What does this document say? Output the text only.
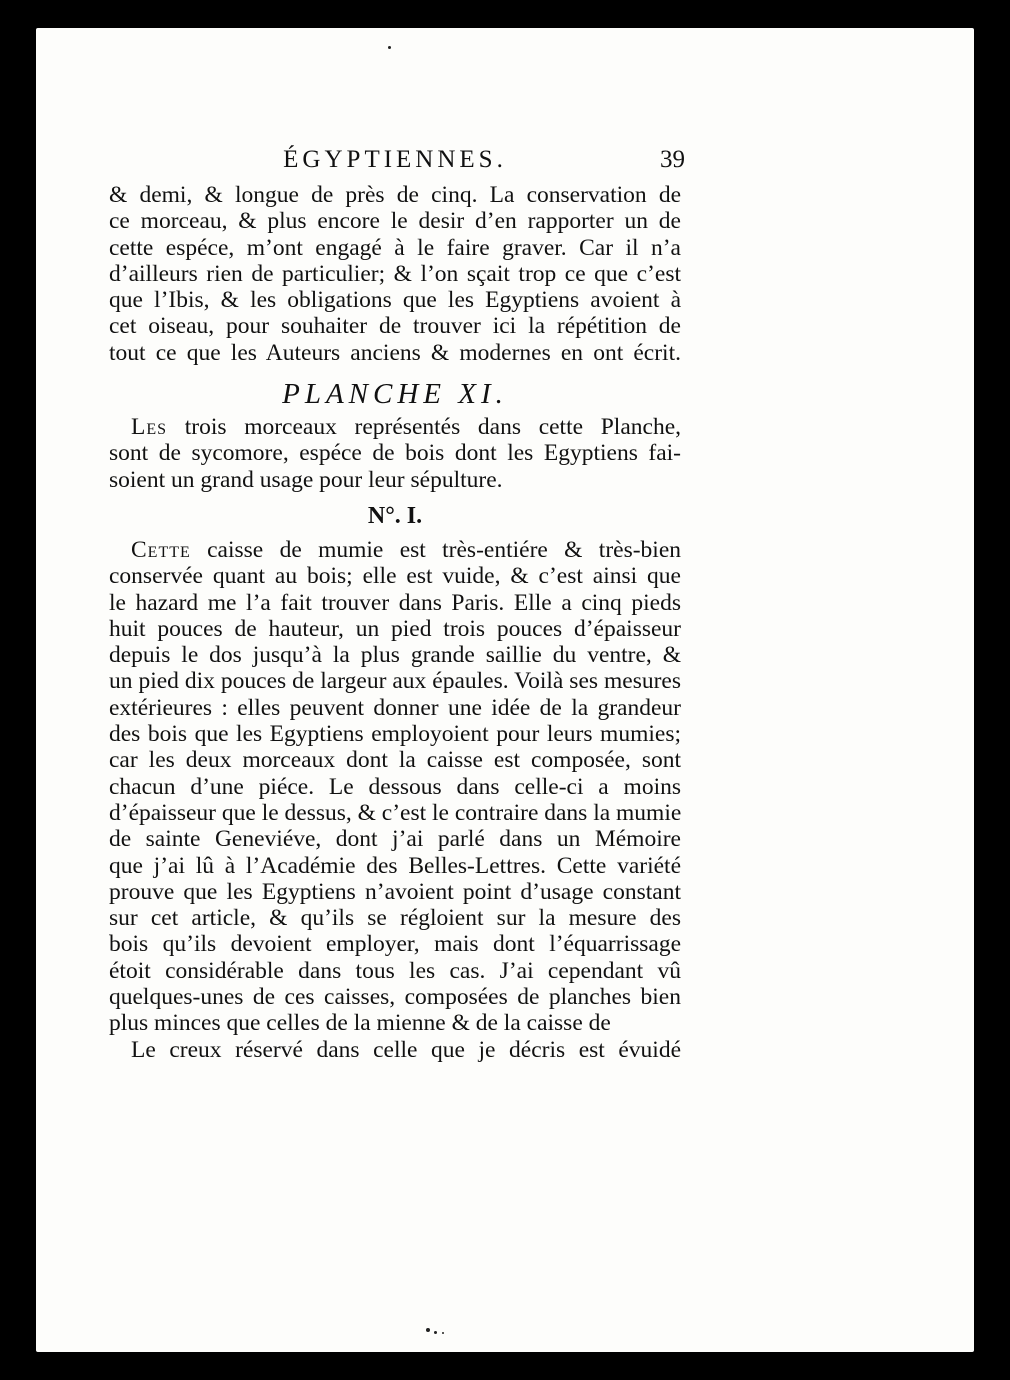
ÉGYPTIENNES.	39
& demi, & longue de près de cinq. La conservation de
ce morceau, & plus encore le desir d’en rapporter un de
cette espéce, m’ont engagé à le faire graver. Car il n’a
d’ailleurs rien de particulier; & l’on sçait trop ce que c’est
que l’Ibis, & les obligations que les Egyptiens avoient à
cet oiseau, pour souhaiter de trouver ici la répétition de
tout ce que les Auteurs anciens & modernes en ont écrit.
PLANCHE XI.
Les trois morceaux représentés dans cette Planche,
sont de sycomore, espéce de bois dont les Egyptiens fai-
soient un grand usage pour leur sépulture.
N°. I.
Cette caisse de mumie est très-entiére & très-bien
conservée quant au bois; elle est vuide, & c’est ainsi que
le hazard me l’a fait trouver dans Paris. Elle a cinq pieds
huit pouces de hauteur, un pied trois pouces d’épaisseur
depuis le dos jusqu’à la plus grande saillie du ventre, &
un pied dix pouces de largeur aux épaules. Voilà ses mesures
extérieures : elles peuvent donner une idée de la grandeur
des bois que les Egyptiens employoient pour leurs mumies;
car les deux morceaux dont la caisse est composée, sont
chacun d’une piéce. Le dessous dans celle-ci a moins
d’épaisseur que le dessus, & c’est le contraire dans la mumie
de sainte Geneviéve, dont j’ai parlé dans un Mémoire
que j’ai lû à l’Académie des Belles-Lettres. Cette variété
prouve que les Egyptiens n’avoient point d’usage constant
sur cet article, & qu’ils se régloient sur la mesure des
bois qu’ils devoient employer, mais dont l’équarrissage
étoit considérable dans tous les cas. J’ai cependant vû
quelques-unes de ces caisses, composées de planches bien
plus minces que celles de la mienne & de la caisse de
Le creux réservé dans celle que je décris est évuidé
